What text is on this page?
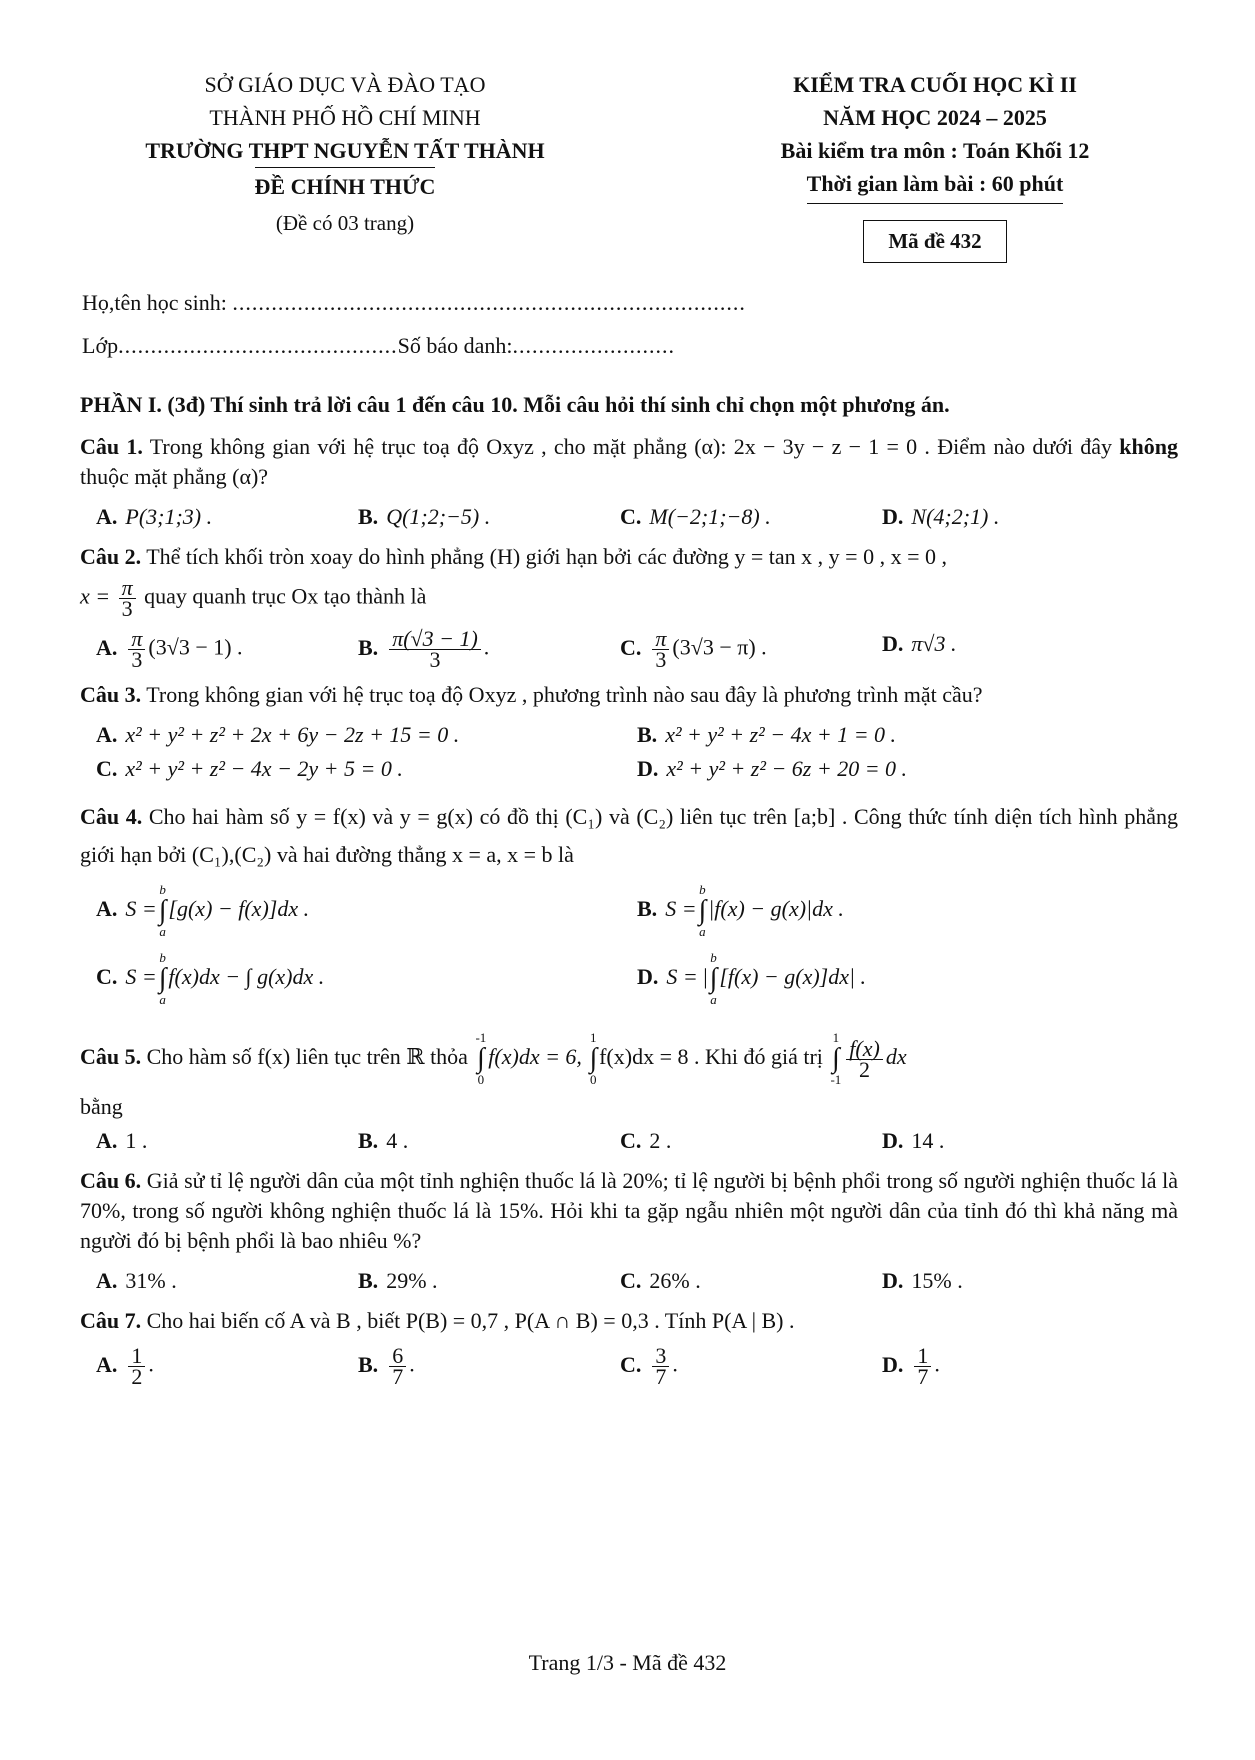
SỞ GIÁO DỤC VÀ ĐÀO TẠO
THÀNH PHỐ HỒ CHÍ MINH
TRƯỜNG THPT NGUYỄN TẤT THÀNH
ĐỀ CHÍNH THỨC
(Đề có 03 trang)
KIỂM TRA CUỐI HỌC KÌ II
NĂM HỌC 2024 – 2025
Bài kiểm tra môn : Toán Khối 12
Thời gian làm bài : 60 phút
Mã đề 432
Họ,tên học sinh: ...............................................................................
Lớp...........................................Số báo danh:.........................
PHẦN I. (3đ) Thí sinh trả lời câu 1 đến câu 10. Mỗi câu hỏi thí sinh chỉ chọn một phương án.
Câu 1. Trong không gian với hệ trục toạ độ Oxyz , cho mặt phẳng (α): 2x − 3y − z − 1 = 0 . Điểm nào dưới đây không thuộc mặt phẳng (α)?
A. P(3;1;3) .	B. Q(1;2;−5) .	C. M(−2;1;−8) .	D. N(4;2;1) .
Câu 2. Thể tích khối tròn xoay do hình phẳng (H) giới hạn bởi các đường y = tan x , y = 0 , x = 0 ,
$x = \frac{\pi}{3}$ quay quanh trục Ox tạo thành là
A. $\frac{\pi}{3} (3√3 - 1)$ .	B. $\frac{\pi(√3 - 1)}{3}$ .	C. $\frac{\pi}{3} (3√3 - \pi)$ .	D. π√3 .
Câu 3. Trong không gian với hệ trục toạ độ Oxyz , phương trình nào sau đây là phương trình mặt cầu?
A. x² + y² + z² + 2x + 6y − 2z + 15 = 0 .	B. x² + y² + z² − 4x + 1 = 0 .
C. x² + y² + z² − 4x − 2y + 5 = 0 .	D. x² + y² + z² − 6z + 20 = 0 .
Câu 4. Cho hai hàm số y = f(x) và y = g(x) có đồ thị (C₁) và (C₂) liên tục trên [a;b] . Công thức tính diện tích hình phẳng giới hạn bởi (C₁),(C₂) và hai đường thẳng x = a, x = b là
A. S =b
∫
a[g(x) − f(x)]dx .	B. S =b
∫
a|f(x) − g(x)|dx .
C. S =b
∫
af(x)dx − ∫ g(x)dx .	D. S = |b
∫
a[f(x) − g(x)]dx| .
Câu 5. Cho hàm số f(x) liên tục trên ℝ thỏa -1
∫
0f(x)dx = 6, 1
∫
0f(x)dx = 8 . Khi đó giá trị 1
∫
$-1 \frac{f(x)}{2}$ dx
bằng
A. 1 .	B. 4 .	C. 2 .	D. 14 .
Câu 6. Giả sử tỉ lệ người dân của một tỉnh nghiện thuốc lá là 20%; tỉ lệ người bị bệnh phổi trong số người nghiện thuốc lá là 70%, trong số người không nghiện thuốc lá là 15%. Hỏi khi ta gặp ngẫu nhiên một người dân của tỉnh đó thì khả năng mà người đó bị bệnh phổi là bao nhiêu %?
A. 31% .	B. 29% .	C. 26% .	D. 15% .
Câu 7. Cho hai biến cố A và B , biết P(B) = 0,7 , P(A ∩ B) = 0,3 . Tính P(A | B) .
A. $\frac{1}{2}$ .	B. $\frac{6}{7}$ .	C. $\frac{3}{7}$ .	D. $\frac{1}{7}$ .
Trang 1/3 - Mã đề 432
